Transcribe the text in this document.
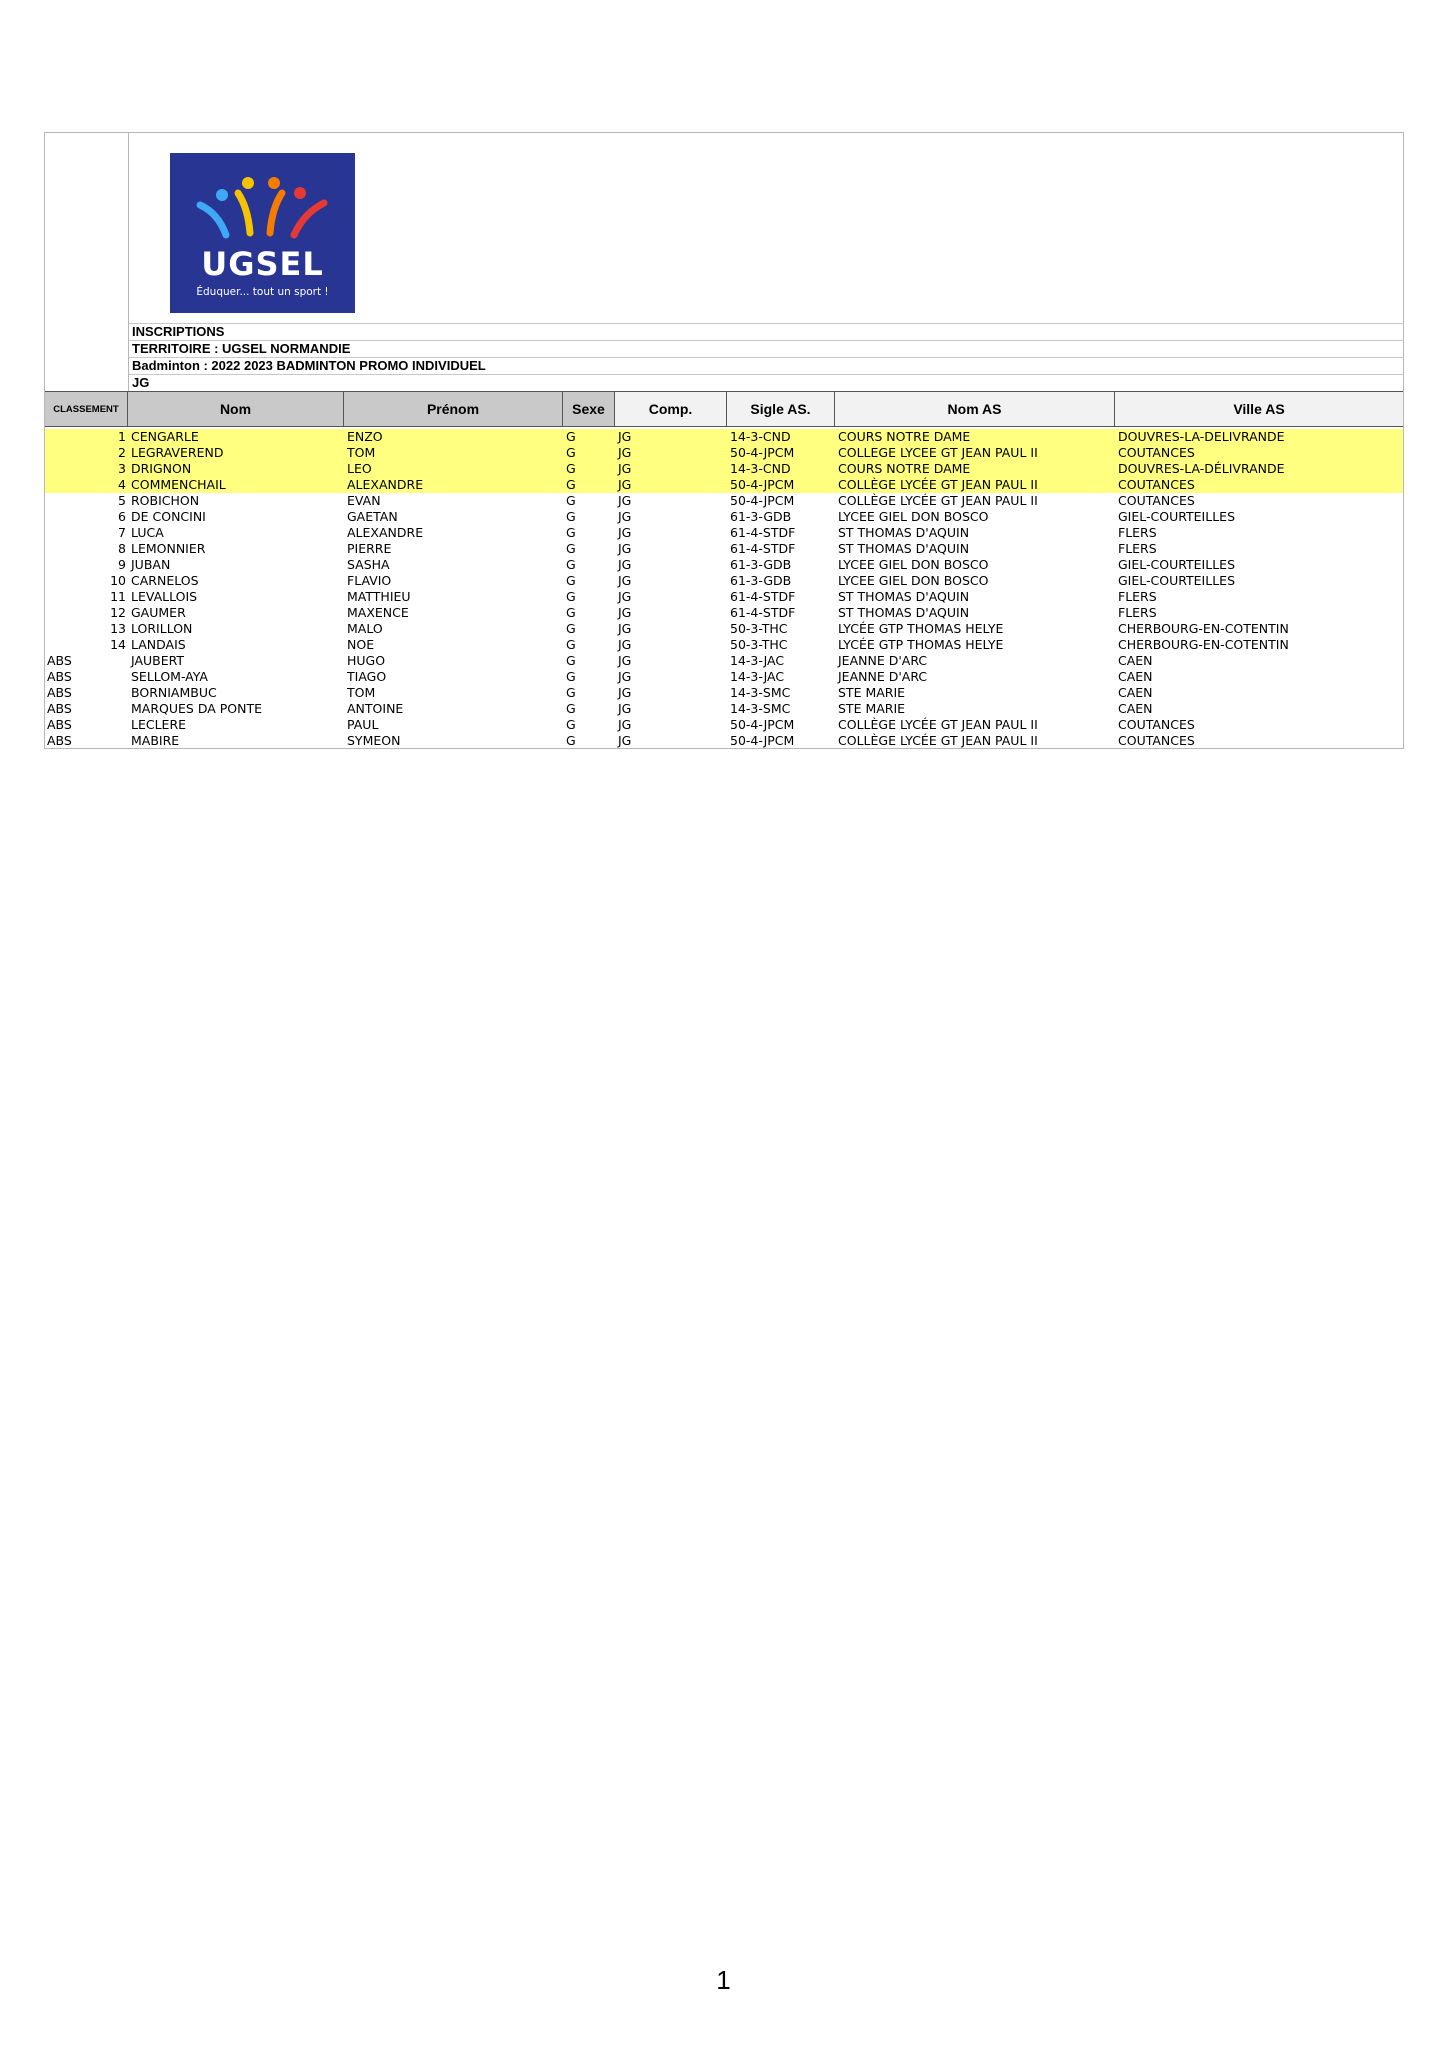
UGSEL
Éduquer... tout un sport !
INSCRIPTIONS
TERRITOIRE : UGSEL NORMANDIE
Badminton : 2022 2023 BADMINTON PROMO INDIVIDUEL
JG
CLASSEMENT	Nom	Prénom	Sexe	Comp.	Sigle AS.	Nom AS	Ville AS
1 CENGARLE	ENZO	G	JG	14-3-CND	COURS NOTRE DAME	DOUVRES-LA-DELIVRANDE
2 LEGRAVEREND	TOM	G	JG	50-4-JPCM	COLLEGE LYCEE GT JEAN PAUL II	COUTANCES
3 DRIGNON	LEO	G	JG	14-3-CND	COURS NOTRE DAME	DOUVRES-LA-DÉLIVRANDE
4 COMMENCHAIL	ALEXANDRE	G	JG	50-4-JPCM	COLLÈGE LYCÉE GT JEAN PAUL II	COUTANCES
5 ROBICHON	EVAN	G	JG	50-4-JPCM	COLLÈGE LYCÉE GT JEAN PAUL II	COUTANCES
6 DE CONCINI	GAETAN	G	JG	61-3-GDB	LYCEE GIEL DON BOSCO	GIEL-COURTEILLES
7 LUCA	ALEXANDRE	G	JG	61-4-STDF	ST THOMAS D'AQUIN	FLERS
8 LEMONNIER	PIERRE	G	JG	61-4-STDF	ST THOMAS D'AQUIN	FLERS
9 JUBAN	SASHA	G	JG	61-3-GDB	LYCEE GIEL DON BOSCO	GIEL-COURTEILLES
10 CARNELOS	FLAVIO	G	JG	61-3-GDB	LYCEE GIEL DON BOSCO	GIEL-COURTEILLES
11 LEVALLOIS	MATTHIEU	G	JG	61-4-STDF	ST THOMAS D'AQUIN	FLERS
12 GAUMER	MAXENCE	G	JG	61-4-STDF	ST THOMAS D'AQUIN	FLERS
13 LORILLON	MALO	G	JG	50-3-THC	LYCÉE GTP THOMAS HELYE	CHERBOURG-EN-COTENTIN
14 LANDAIS	NOE	G	JG	50-3-THC	LYCÉE GTP THOMAS HELYE	CHERBOURG-EN-COTENTIN
ABS	JAUBERT	HUGO	G	JG	14-3-JAC	JEANNE D'ARC	CAEN
ABS	SELLOM-AYA	TIAGO	G	JG	14-3-JAC	JEANNE D'ARC	CAEN
ABS	BORNIAMBUC	TOM	G	JG	14-3-SMC	STE MARIE	CAEN
ABS	MARQUES DA PONTE	ANTOINE	G	JG	14-3-SMC	STE MARIE	CAEN
ABS	LECLERE	PAUL	G	JG	50-4-JPCM	COLLÈGE LYCÉE GT JEAN PAUL II	COUTANCES
ABS	MABIRE	SYMEON	G	JG	50-4-JPCM	COLLÈGE LYCÉE GT JEAN PAUL II	COUTANCES
1
